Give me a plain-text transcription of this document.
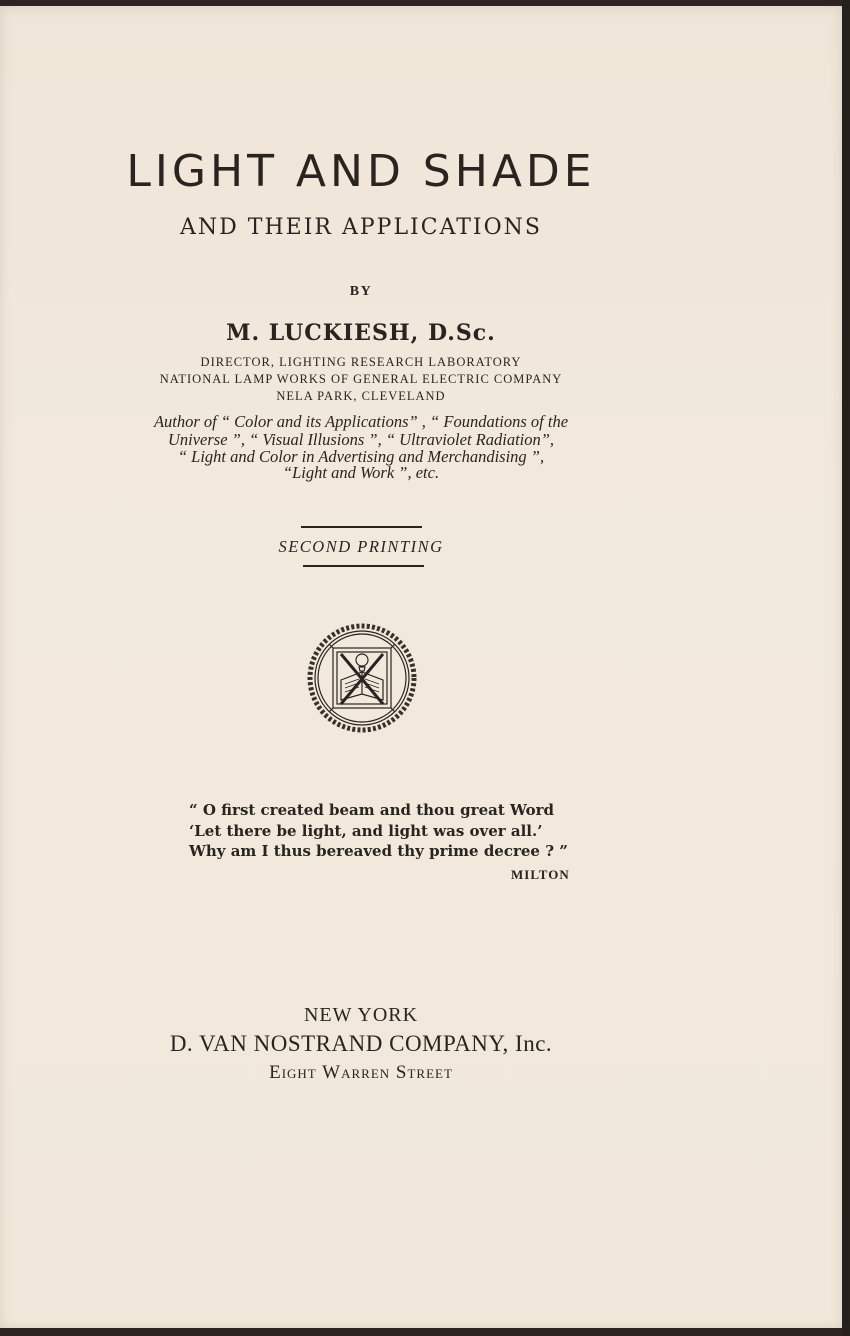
LIGHT AND SHADE
AND THEIR APPLICATIONS
BY
M. LUCKIESH, D.Sc.
DIRECTOR, LIGHTING RESEARCH LABORATORY
NATIONAL LAMP WORKS OF GENERAL ELECTRIC COMPANY
NELA PARK, CLEVELAND
Author of “ Color and its Applications” , “ Foundations of the
Universe ”, “ Visual Illusions ”, “ Ultraviolet Radiation”,
“ Light and Color in Advertising and Merchandising ”,
“Light and Work ”, etc.
SECOND PRINTING
“ O first created beam and thou great Word
‘Let there be light, and light was over all.’
Why am I thus bereaved thy prime decree ? ”
MILTON
NEW YORK
D. VAN NOSTRAND COMPANY, Inc.
Eight Warren Street
